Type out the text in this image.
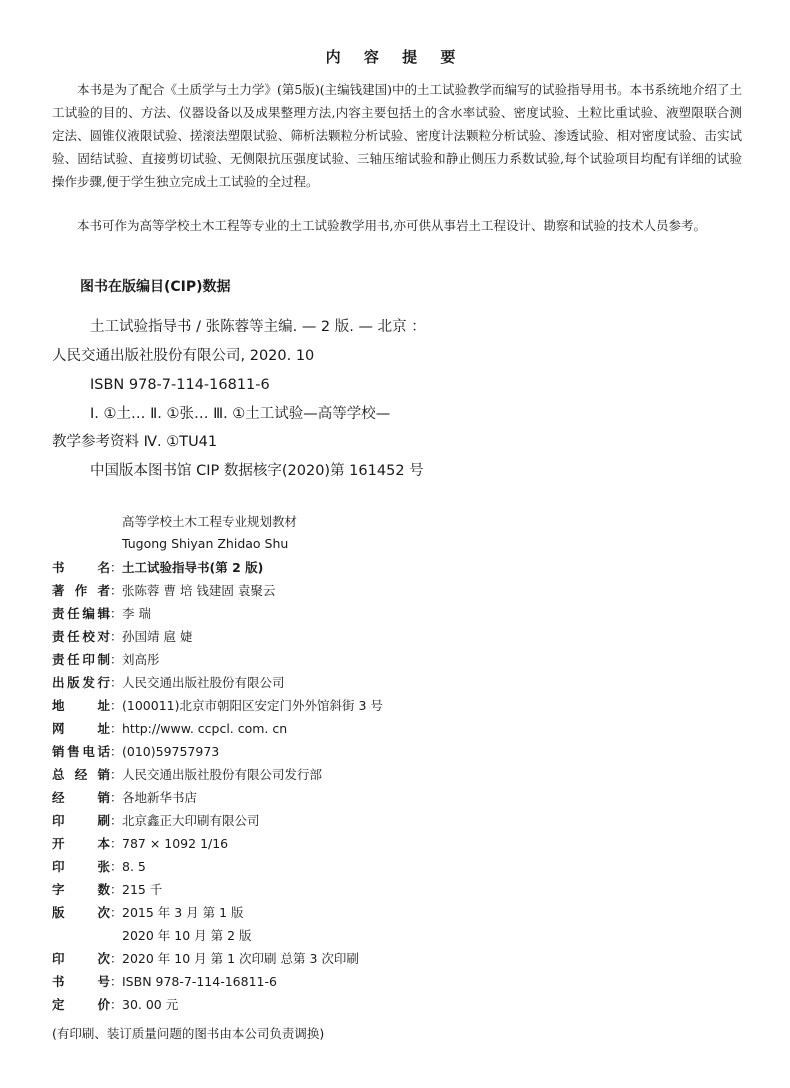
内 容 提 要

本书是为了配合《土质学与土力学》(第5版)(主编钱建国)中的土工试验教学而编写的试验指导用书。本书系统地介绍了土工试验的目的、方法、仪器设备以及成果整理方法,内容主要包括土的含水率试验、密度试验、土粒比重试验、液塑限联合测定法、圆锥仪液限试验、搓滚法塑限试验、筛析法颗粒分析试验、密度计法颗粒分析试验、渗透试验、相对密度试验、击实试验、固结试验、直接剪切试验、无侧限抗压强度试验、三轴压缩试验和静止侧压力系数试验,每个试验项目均配有详细的试验操作步骤,便于学生独立完成土工试验的全过程。

本书可作为高等学校土木工程等专业的土工试验教学用书,亦可供从事岩土工程设计、勘察和试验的技术人员参考。

图书在版编目(CIP)数据
土工试验指导书 / 张陈蓉等主编. — 2 版. — 北京 ：
人民交通出版社股份有限公司, 2020. 10
ISBN 978-7-114-16811-6
Ⅰ. ①土… Ⅱ. ①张… Ⅲ. ①土工试验—高等学校—
教学参考资料 Ⅳ. ①TU41
中国版本图书馆 CIP 数据核字(2020)第 161452 号
高等学校土木工程专业规划教材
Tugong Shiyan Zhidao Shu
书名 ： 土工试验指导书(第 2 版)
著作者 ： 张陈蓉 曹 培 钱建固 袁聚云
责任编辑 ： 李 瑞
责任校对 ： 孙国靖 扈 婕
责任印制 ： 刘高彤
出版发行 ： 人民交通出版社股份有限公司
地址 ： (100011)北京市朝阳区安定门外外馆斜街 3 号
网址 ： http://www. ccpcl. com. cn
销售电话 ： (010)59757973
总经销 ： 人民交通出版社股份有限公司发行部
经销 ： 各地新华书店
印刷 ： 北京鑫正大印刷有限公司
开本 ： 787 × 1092 1/16
印张 ： 8. 5
字数 ： 215 千
版次 ： 2015 年 3 月 第 1 版
2020 年 10 月 第 2 版
印次 ： 2020 年 10 月 第 1 次印刷 总第 3 次印刷
书号 ： ISBN 978-7-114-16811-6
定价 ： 30. 00 元
(有印刷、装订质量问题的图书由本公司负责调换)
